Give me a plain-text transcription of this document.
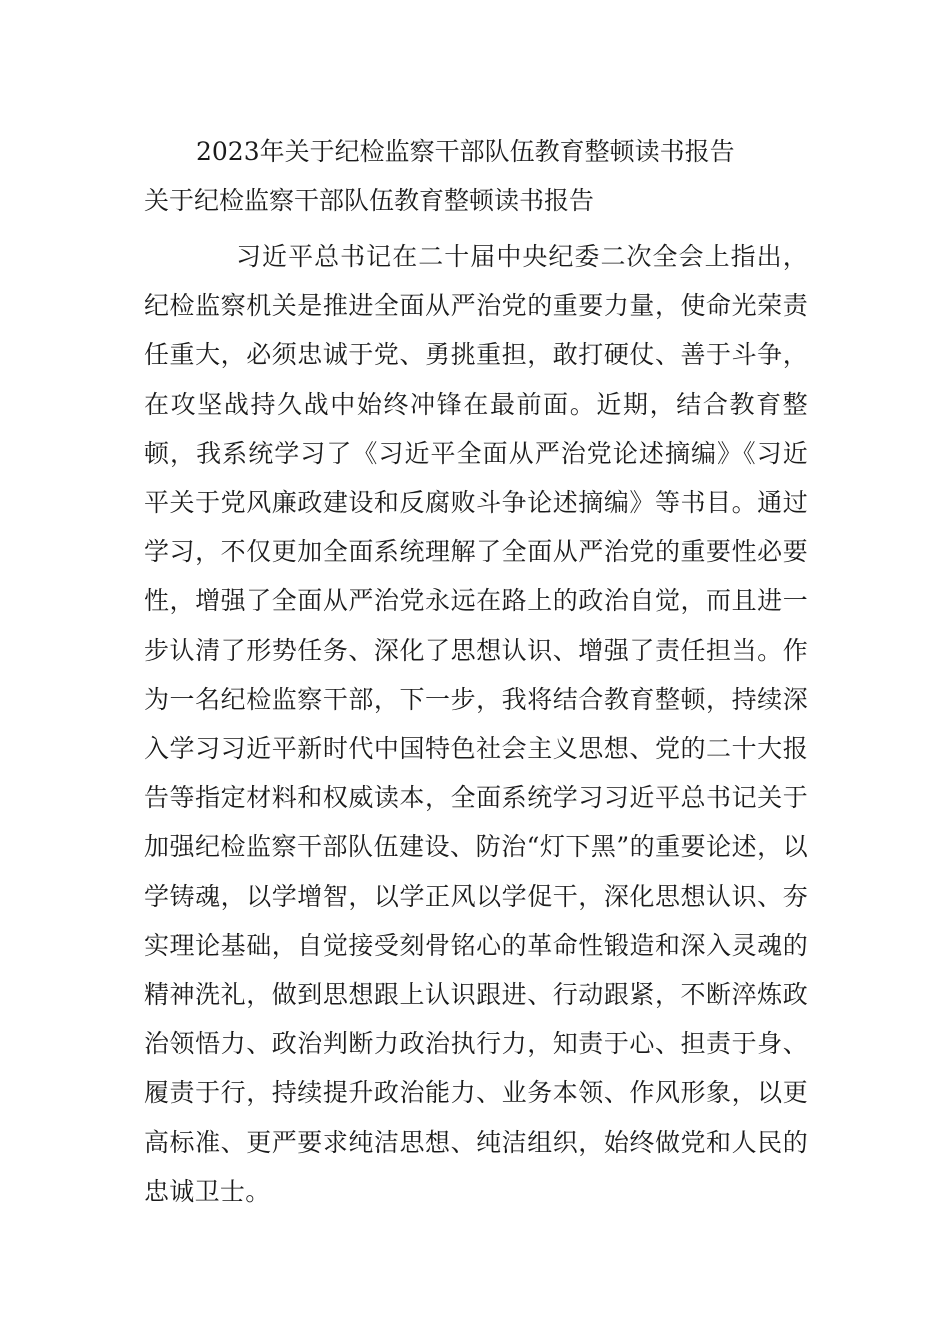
2023年关于纪检监察干部队伍教育整顿读书报告
关于纪检监察干部队伍教育整顿读书报告

习近平总书记在二十届中央纪委二次全会上指出，纪检监察机关是推进全面从严治党的重要力量，使命光荣责任重大，必须忠诚于党、勇挑重担，敢打硬仗、善于斗争，在攻坚战持久战中始终冲锋在最前面。近期，结合教育整顿，我系统学习了《习近平全面从严治党论述摘编》《习近平关于党风廉政建设和反腐败斗争论述摘编》等书目。通过学习，不仅更加全面系统理解了全面从严治党的重要性必要性，增强了全面从严治党永远在路上的政治自觉，而且进一步认清了形势任务、深化了思想认识、增强了责任担当。作为一名纪检监察干部，下一步，我将结合教育整顿，持续深入学习习近平新时代中国特色社会主义思想、党的二十大报告等指定材料和权威读本，全面系统学习习近平总书记关于加强纪检监察干部队伍建设、防治“灯下黑”的重要论述，以学铸魂，以学增智，以学正风以学促干，深化思想认识、夯实理论基础，自觉接受刻骨铭心的革命性锻造和深入灵魂的精神洗礼，做到思想跟上认识跟进、行动跟紧，不断淬炼政治领悟力、政治判断力政治执行力，知责于心、担责于身、履责于行，持续提升政治能力、业务本领、作风形象，以更高标准、更严要求纯洁思想、纯洁组织，始终做党和人民的忠诚卫士。
